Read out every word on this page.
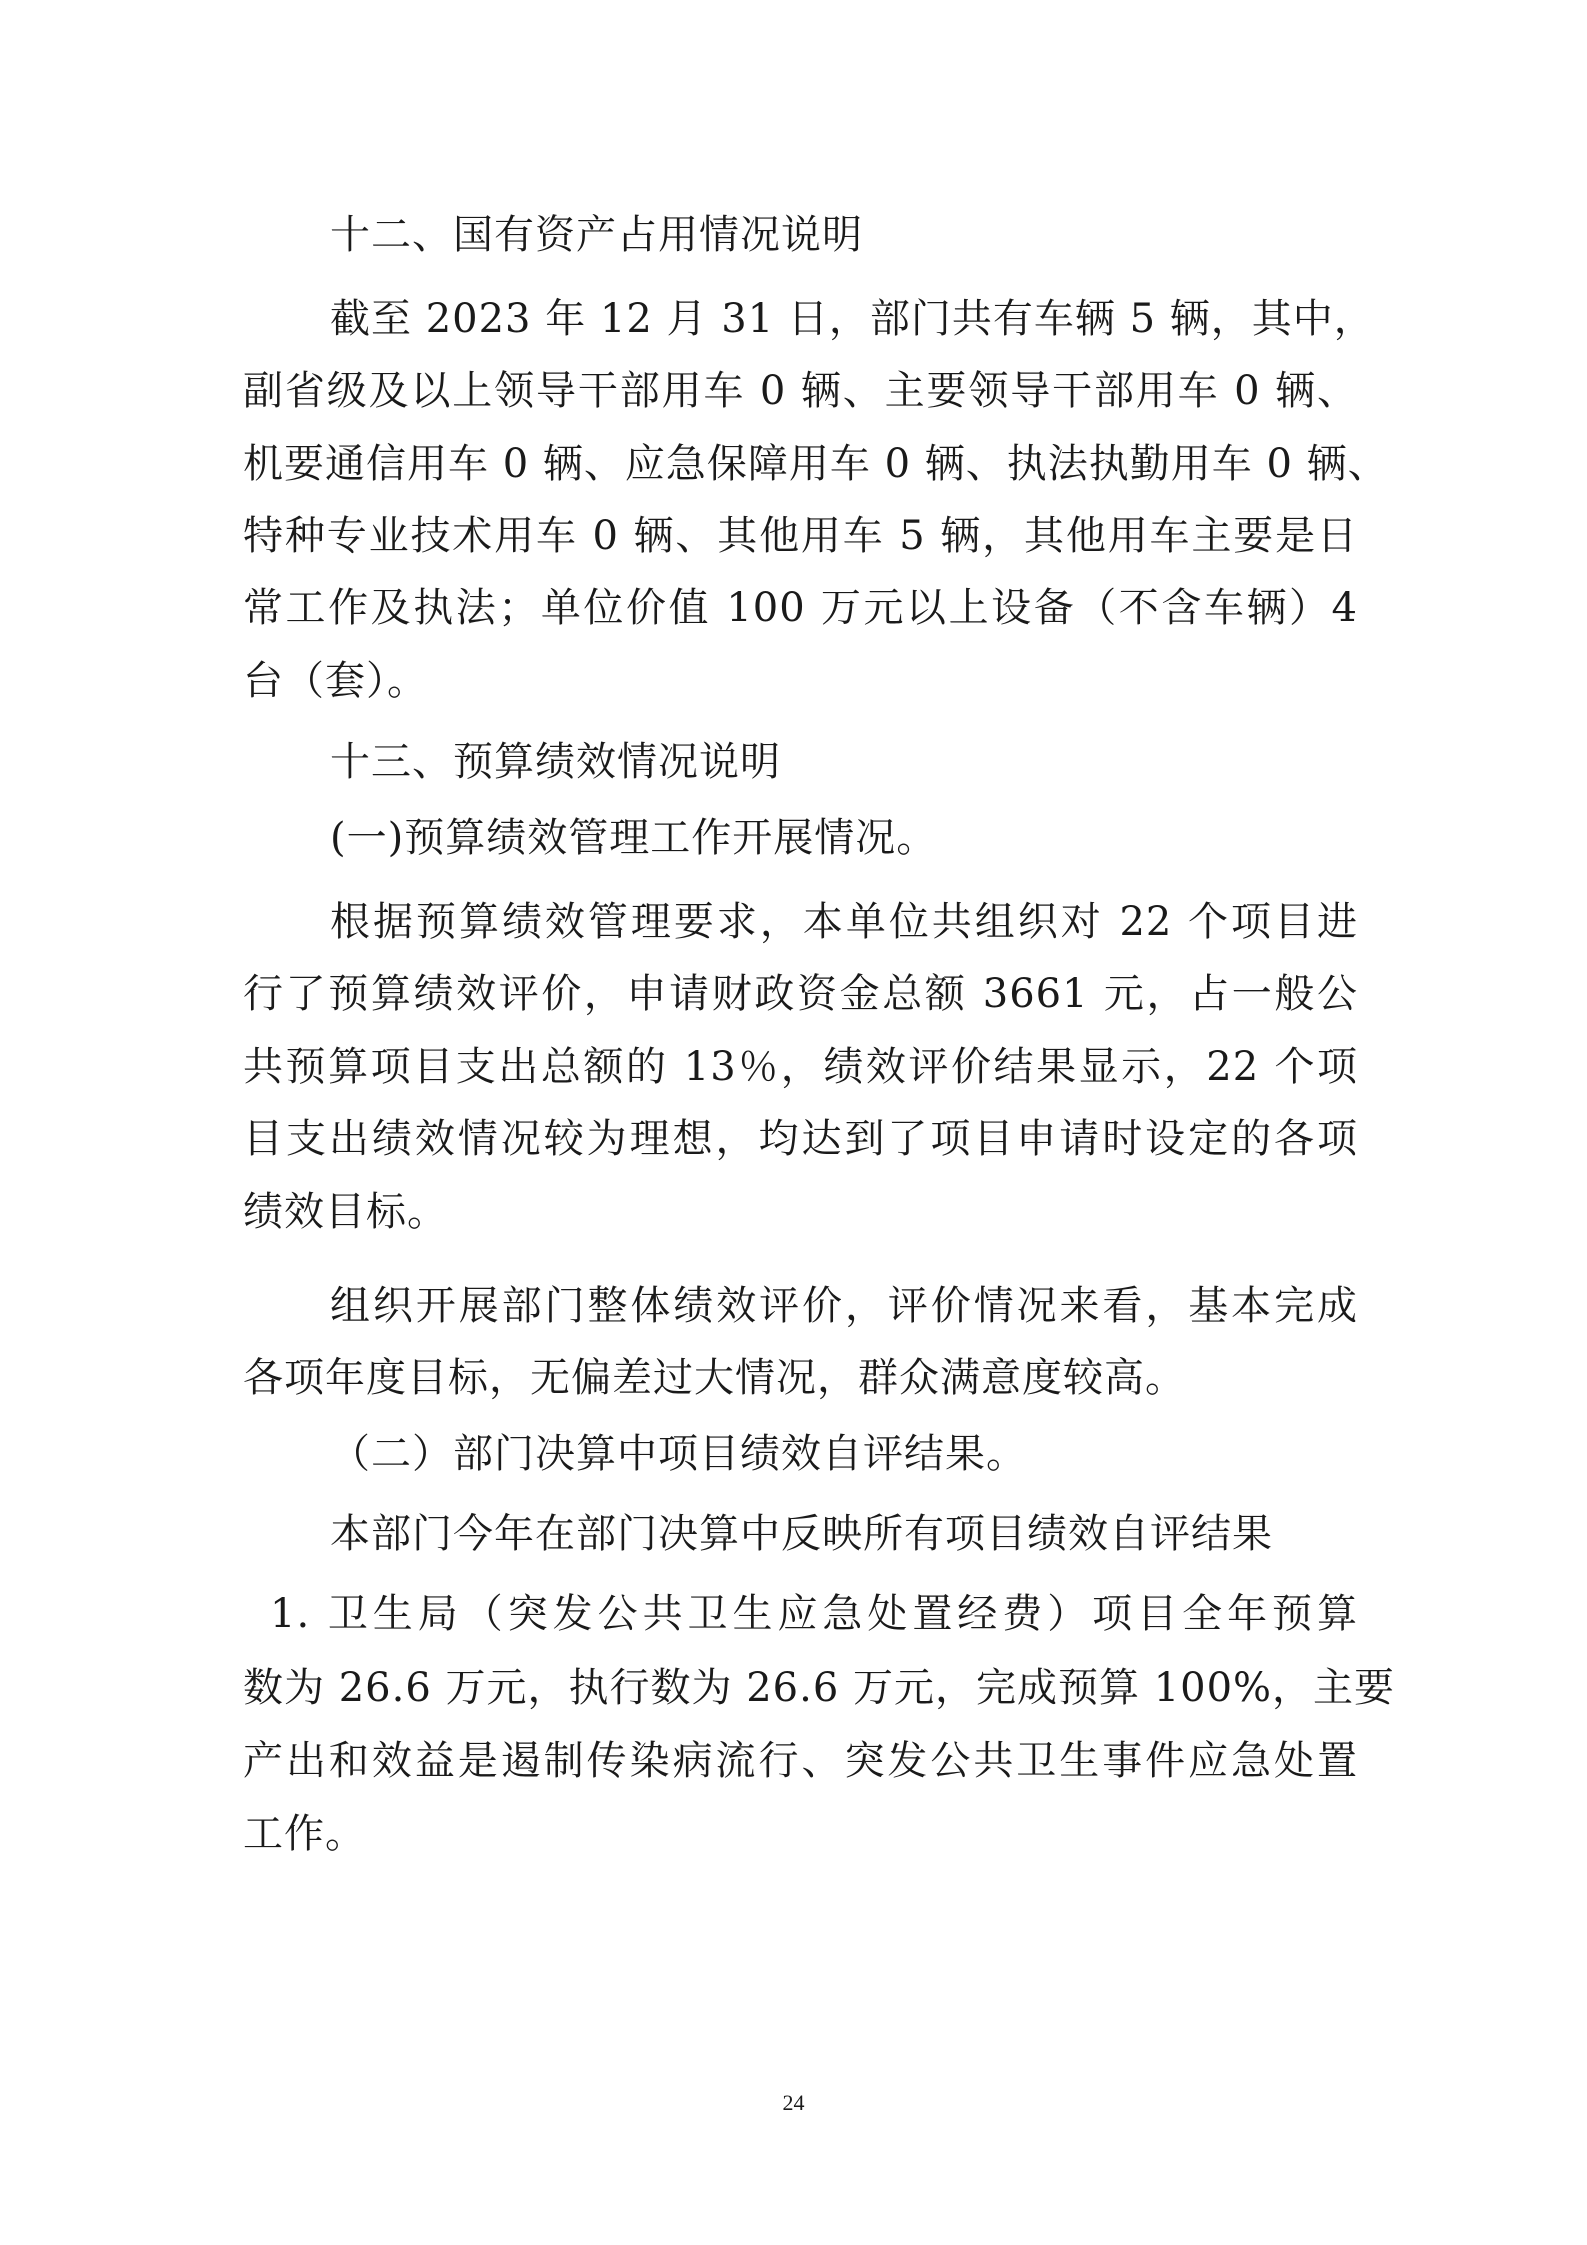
十二、国有资产占用情况说明
截至 2023 年 12 月 31 日，部门共有车辆 5 辆，其中，
副省级及以上领导干部用车 0 辆、主要领导干部用车 0 辆、
机要通信用车 0 辆、应急保障用车 0 辆、执法执勤用车 0 辆、
特种专业技术用车 0 辆、其他用车 5 辆，其他用车主要是日
常工作及执法；单位价值 100 万元以上设备（不含车辆）4
台（套）。
十三、预算绩效情况说明
(一)预算绩效管理工作开展情况。
根据预算绩效管理要求，本单位共组织对 22 个项目进
行了预算绩效评价，申请财政资金总额 3661 元，占一般公
共预算项目支出总额的 13％，绩效评价结果显示，22 个项
目支出绩效情况较为理想，均达到了项目申请时设定的各项
绩效目标。
组织开展部门整体绩效评价，评价情况来看，基本完成
各项年度目标，无偏差过大情况，群众满意度较高。
（二）部门决算中项目绩效自评结果。
本部门今年在部门决算中反映所有项目绩效自评结果
1. 卫生局（突发公共卫生应急处置经费）项目全年预算
数为 26.6 万元，执行数为 26.6 万元，完成预算 100%，主要
产出和效益是遏制传染病流行、突发公共卫生事件应急处置
工作。
24
